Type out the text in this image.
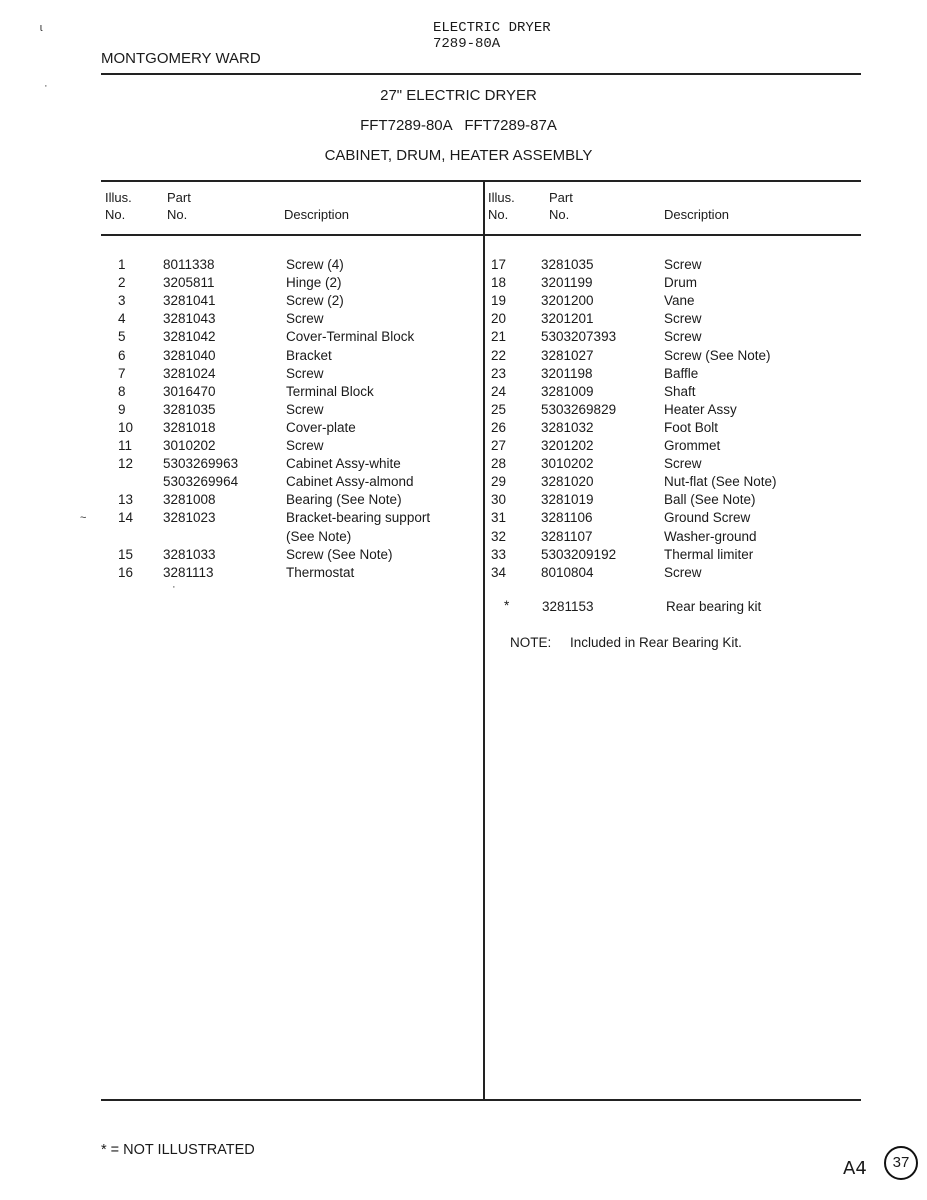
ELECTRIC DRYER
7289-80A
MONTGOMERY WARD
27" ELECTRIC DRYER
FFT7289-80A   FFT7289-87A
CABINET, DRUM, HEATER ASSEMBLY
Illus.
No.
Part
No.	Description
Illus.
No.
Part
No.	Description
1	8011338	Screw (4)
2	3205811	Hinge (2)
3	3281041	Screw (2)
4	3281043	Screw
5	3281042	Cover-Terminal Block
6	3281040	Bracket
7	3281024	Screw
8	3016470	Terminal Block
9	3281035	Screw
10 3281018	Cover-plate
11 3010202	Screw
12 5303269963	Cabinet Assy-white
5303269964	Cabinet Assy-almond
13 3281008	Bearing (See Note)
14 3281023	Bracket-bearing support
(See Note)
15 3281033	Screw (See Note)
16 3281113	Thermostat
17	3281035	Screw
18	3201199	Drum
19	3201200	Vane
20	3201201	Screw
21	5303207393	Screw
22	3281027	Screw (See Note)
23	3201198	Baffle
24	3281009	Shaft
25	5303269829	Heater Assy
26	3281032	Foot Bolt
27	3201202	Grommet
28	3010202	Screw
29	3281020	Nut-flat (See Note)
30	3281019	Ball (See Note)
31	3281106	Ground Screw
32	3281107	Washer-ground
33	5303209192	Thermal limiter
34	8010804	Screw
* 3281153	Rear bearing kit
NOTE: Included in Rear Bearing Kit.
ɩ
·
~
·
* = NOT ILLUSTRATED
A4	37
